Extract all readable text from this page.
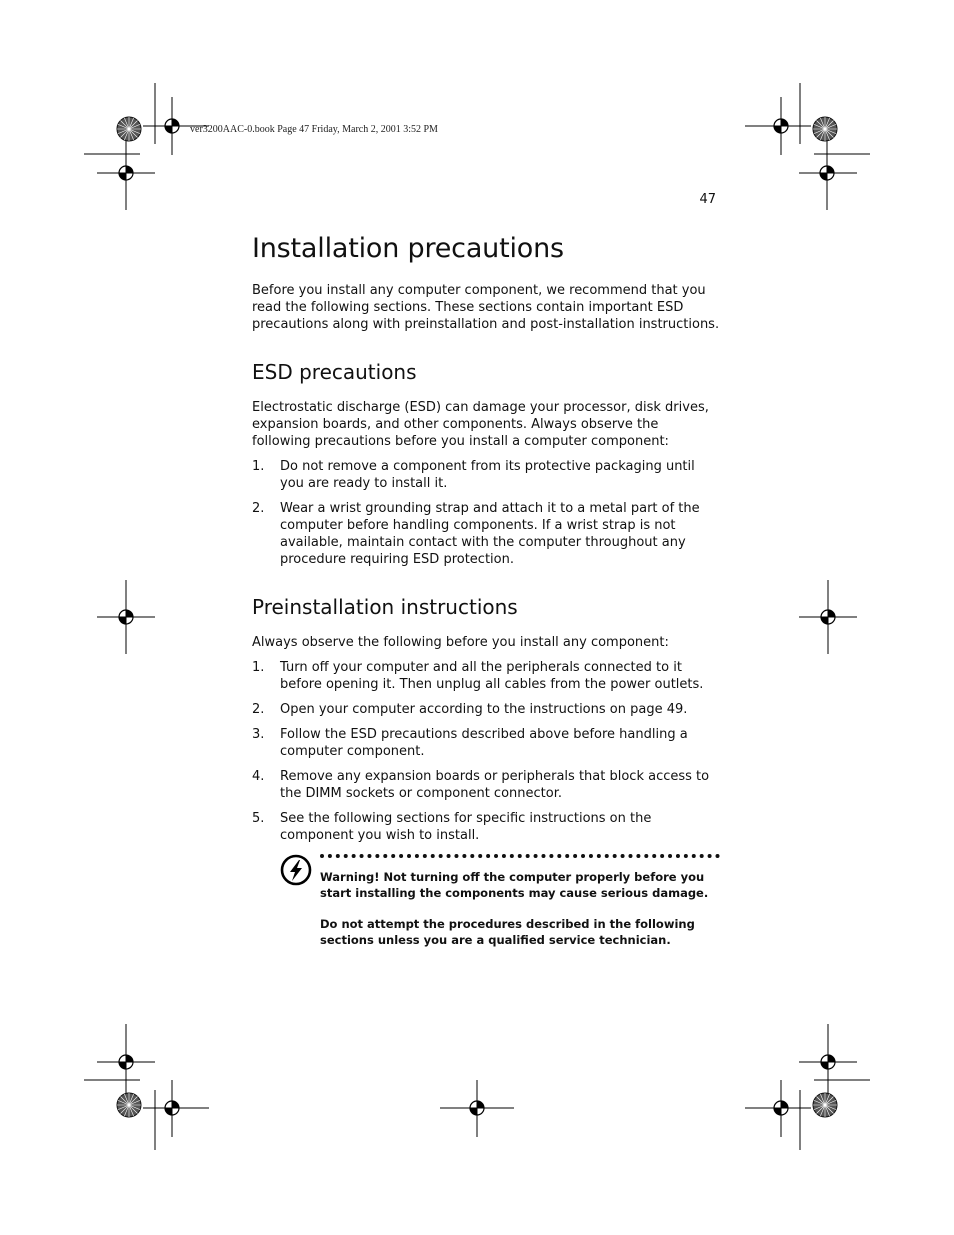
ver3200AAC-0.book Page 47 Friday, March 2, 2001 3:52 PM
47
Installation precautions

Before you install any computer component, we recommend that you read the following sections. These sections contain important ESD precautions along with preinstallation and post-installation instructions.

ESD precautions

Electrostatic discharge (ESD) can damage your processor, disk drives, expansion boards, and other components. Always observe the following precautions before you install a computer component:

1. Do not remove a component from its protective packaging until you are ready to install it.
2. Wear a wrist grounding strap and attach it to a metal part of the computer before handling components. If a wrist strap is not available, maintain contact with the computer throughout any procedure requiring ESD protection.
Preinstallation instructions

Always observe the following before you install any component:

1. Turn off your computer and all the peripherals connected to it before opening it. Then unplug all cables from the power outlets.
2. Open your computer according to the instructions on page 49.
3. Follow the ESD precautions described above before handling a computer component.
4. Remove any expansion boards or peripherals that block access to the DIMM sockets or component connector.
5. See the following sections for specific instructions on the component you wish to install.

Warning! Not turning off the computer properly before you start installing the components may cause serious damage.

Do not attempt the procedures described in the following sections unless you are a qualified service technician.
